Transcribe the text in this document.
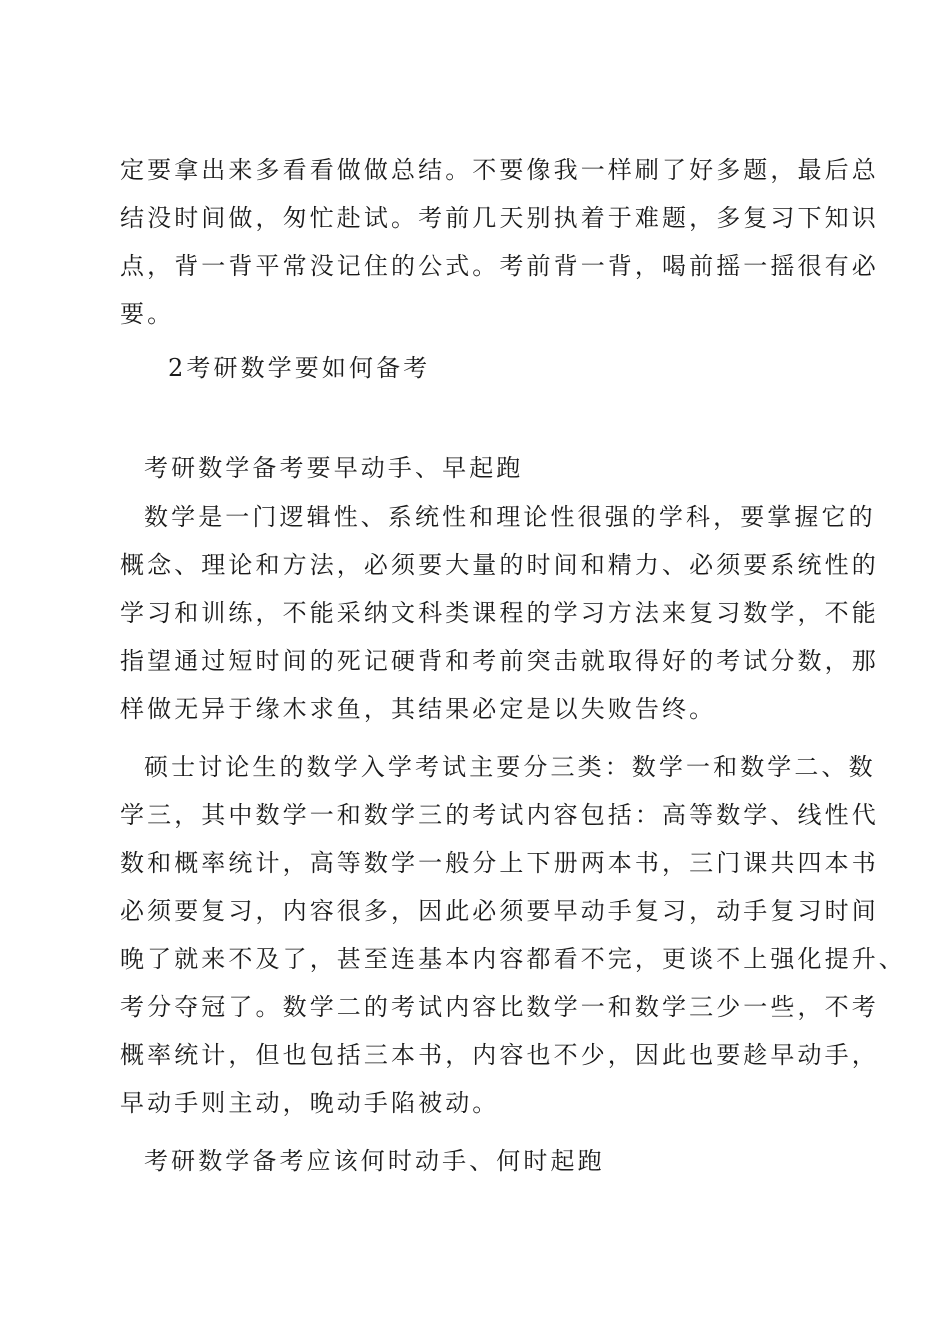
定要拿出来多看看做做总结。不要像我一样刷了好多题，最后总
结没时间做，匆忙赴试。考前几天别执着于难题，多复习下知识
点，背一背平常没记住的公式。考前背一背，喝前摇一摇很有必
要。
2考研数学要如何备考
考研数学备考要早动手、早起跑
数学是一门逻辑性、系统性和理论性很强的学科，要掌握它的
概念、理论和方法，必须要大量的时间和精力、必须要系统性的
学习和训练，不能采纳文科类课程的学习方法来复习数学，不能
指望通过短时间的死记硬背和考前突击就取得好的考试分数，那
样做无异于缘木求鱼，其结果必定是以失败告终。
硕士讨论生的数学入学考试主要分三类：数学一和数学二、数
学三，其中数学一和数学三的考试内容包括：高等数学、线性代
数和概率统计，高等数学一般分上下册两本书，三门课共四本书
必须要复习，内容很多，因此必须要早动手复习，动手复习时间
晚了就来不及了，甚至连基本内容都看不完，更谈不上强化提升、
考分夺冠了。数学二的考试内容比数学一和数学三少一些，不考
概率统计，但也包括三本书，内容也不少，因此也要趁早动手，
早动手则主动，晚动手陷被动。
考研数学备考应该何时动手、何时起跑
